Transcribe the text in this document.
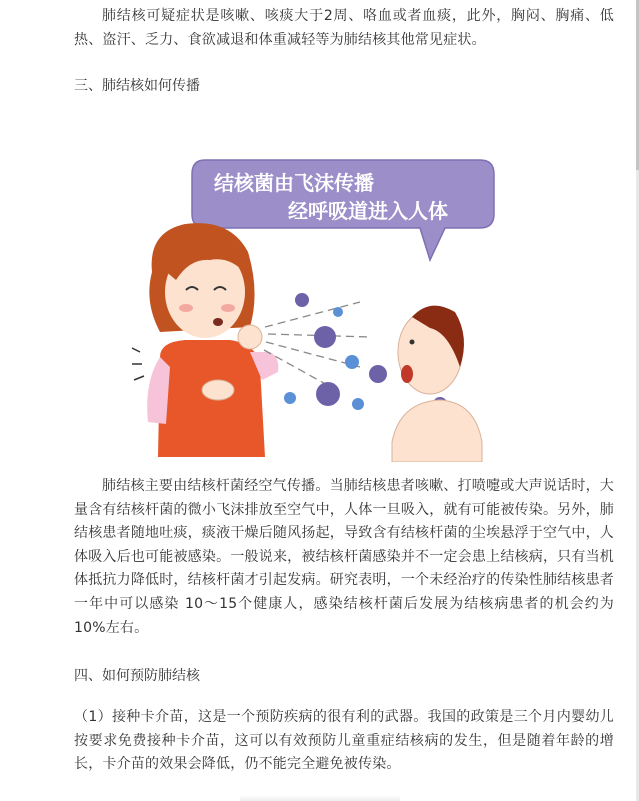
肺结核可疑症状是咳嗽、咳痰大于2周、咯血或者血痰，此外，胸闷、胸痛、低热、盗汗、乏力、食欲减退和体重减轻等为肺结核其他常见症状。
三、肺结核如何传播
结核菌由飞沫传播
经呼吸道进入人体
肺结核主要由结核杆菌经空气传播。当肺结核患者咳嗽、打喷嚏或大声说话时，大量含有结核杆菌的微小飞沫排放至空气中，人体一旦吸入，就有可能被传染。另外，肺结核患者随地吐痰，痰液干燥后随风扬起，导致含有结核杆菌的尘埃悬浮于空气中，人体吸入后也可能被感染。一般说来，被结核杆菌感染并不一定会患上结核病，只有当机体抵抗力降低时，结核杆菌才引起发病。研究表明，一个未经治疗的传染性肺结核患者一年中可以感染 10～15个健康人，感染结核杆菌后发展为结核病患者的机会约为10%左右。
四、如何预防肺结核
（1）接种卡介苗，这是一个预防疾病的很有利的武器。我国的政策是三个月内婴幼儿按要求免费接种卡介苗，这可以有效预防儿童重症结核病的发生，但是随着年龄的增长，卡介苗的效果会降低，仍不能完全避免被传染。
